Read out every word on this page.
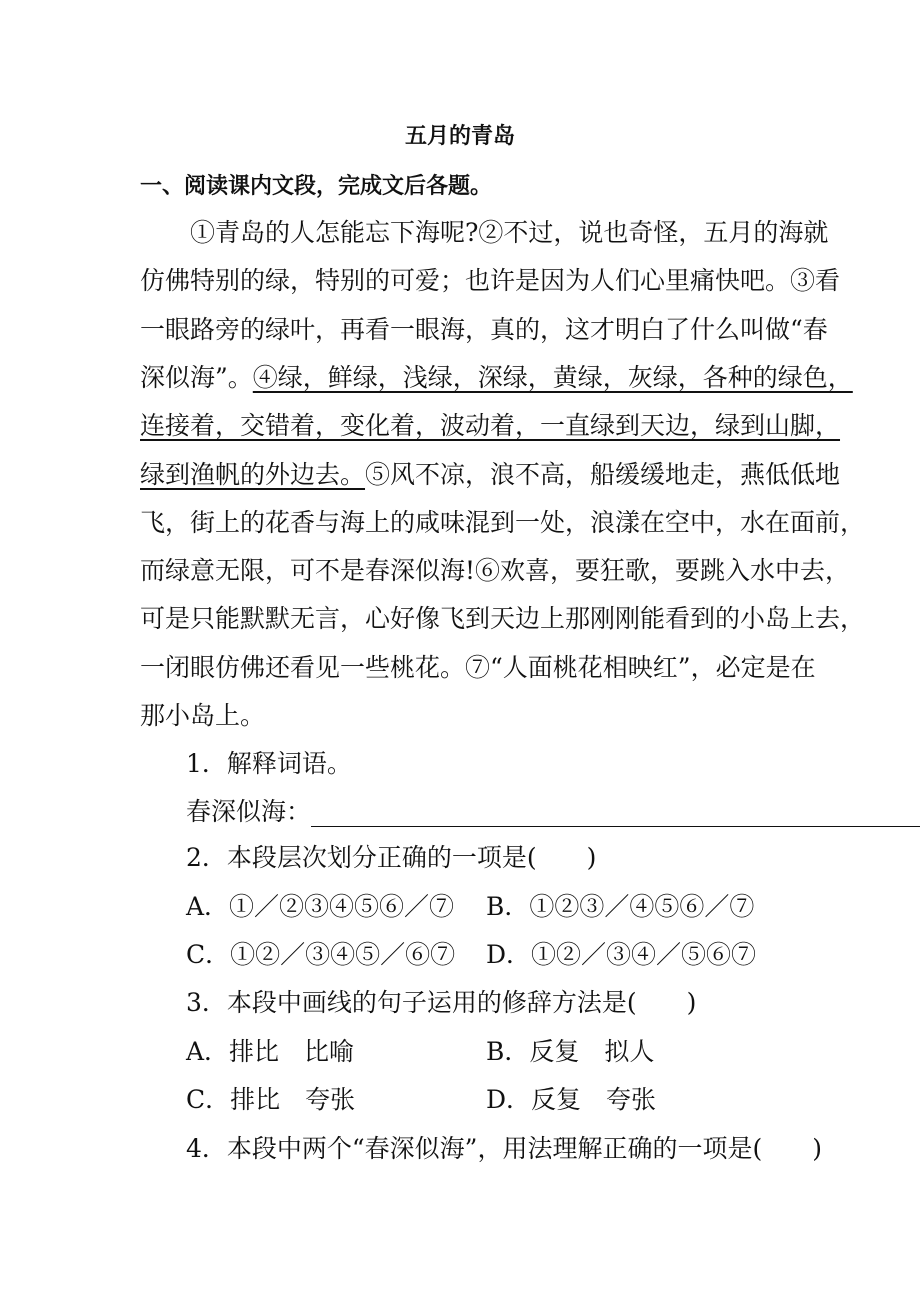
五月的青岛
一、阅读课内文段，完成文后各题。
　　①青岛的人怎能忘下海呢?②不过，说也奇怪，五月的海就
仿佛特别的绿，特别的可爱；也许是因为人们心里痛快吧。③看
一眼路旁的绿叶，再看一眼海，真的，这才明白了什么叫做“春
深似海”。④绿，鲜绿，浅绿，深绿，黄绿，灰绿，各种的绿色，
连接着，交错着，变化着，波动着，一直绿到天边，绿到山脚，
绿到渔帆的外边去。⑤风不凉，浪不高，船缓缓地走，燕低低地
飞，街上的花香与海上的咸味混到一处，浪漾在空中，水在面前，
而绿意无限，可不是春深似海!⑥欢喜，要狂歌，要跳入水中去，
可是只能默默无言，心好像飞到天边上那刚刚能看到的小岛上去，
一闭眼仿佛还看见一些桃花。⑦“人面桃花相映红”，必定是在
那小岛上。
1．解释词语。
春深似海：
2．本段层次划分正确的一项是(　　)
A．①／②③④⑤⑥／⑦ B．①②③／④⑤⑥／⑦
C．①②／③④⑤／⑥⑦ D．①②／③④／⑤⑥⑦
3．本段中画线的句子运用的修辞方法是(　　)
A．排比　比喻	B．反复　拟人
C．排比　夸张	D．反复　夸张
4．本段中两个“春深似海”，用法理解正确的一项是(　　)
